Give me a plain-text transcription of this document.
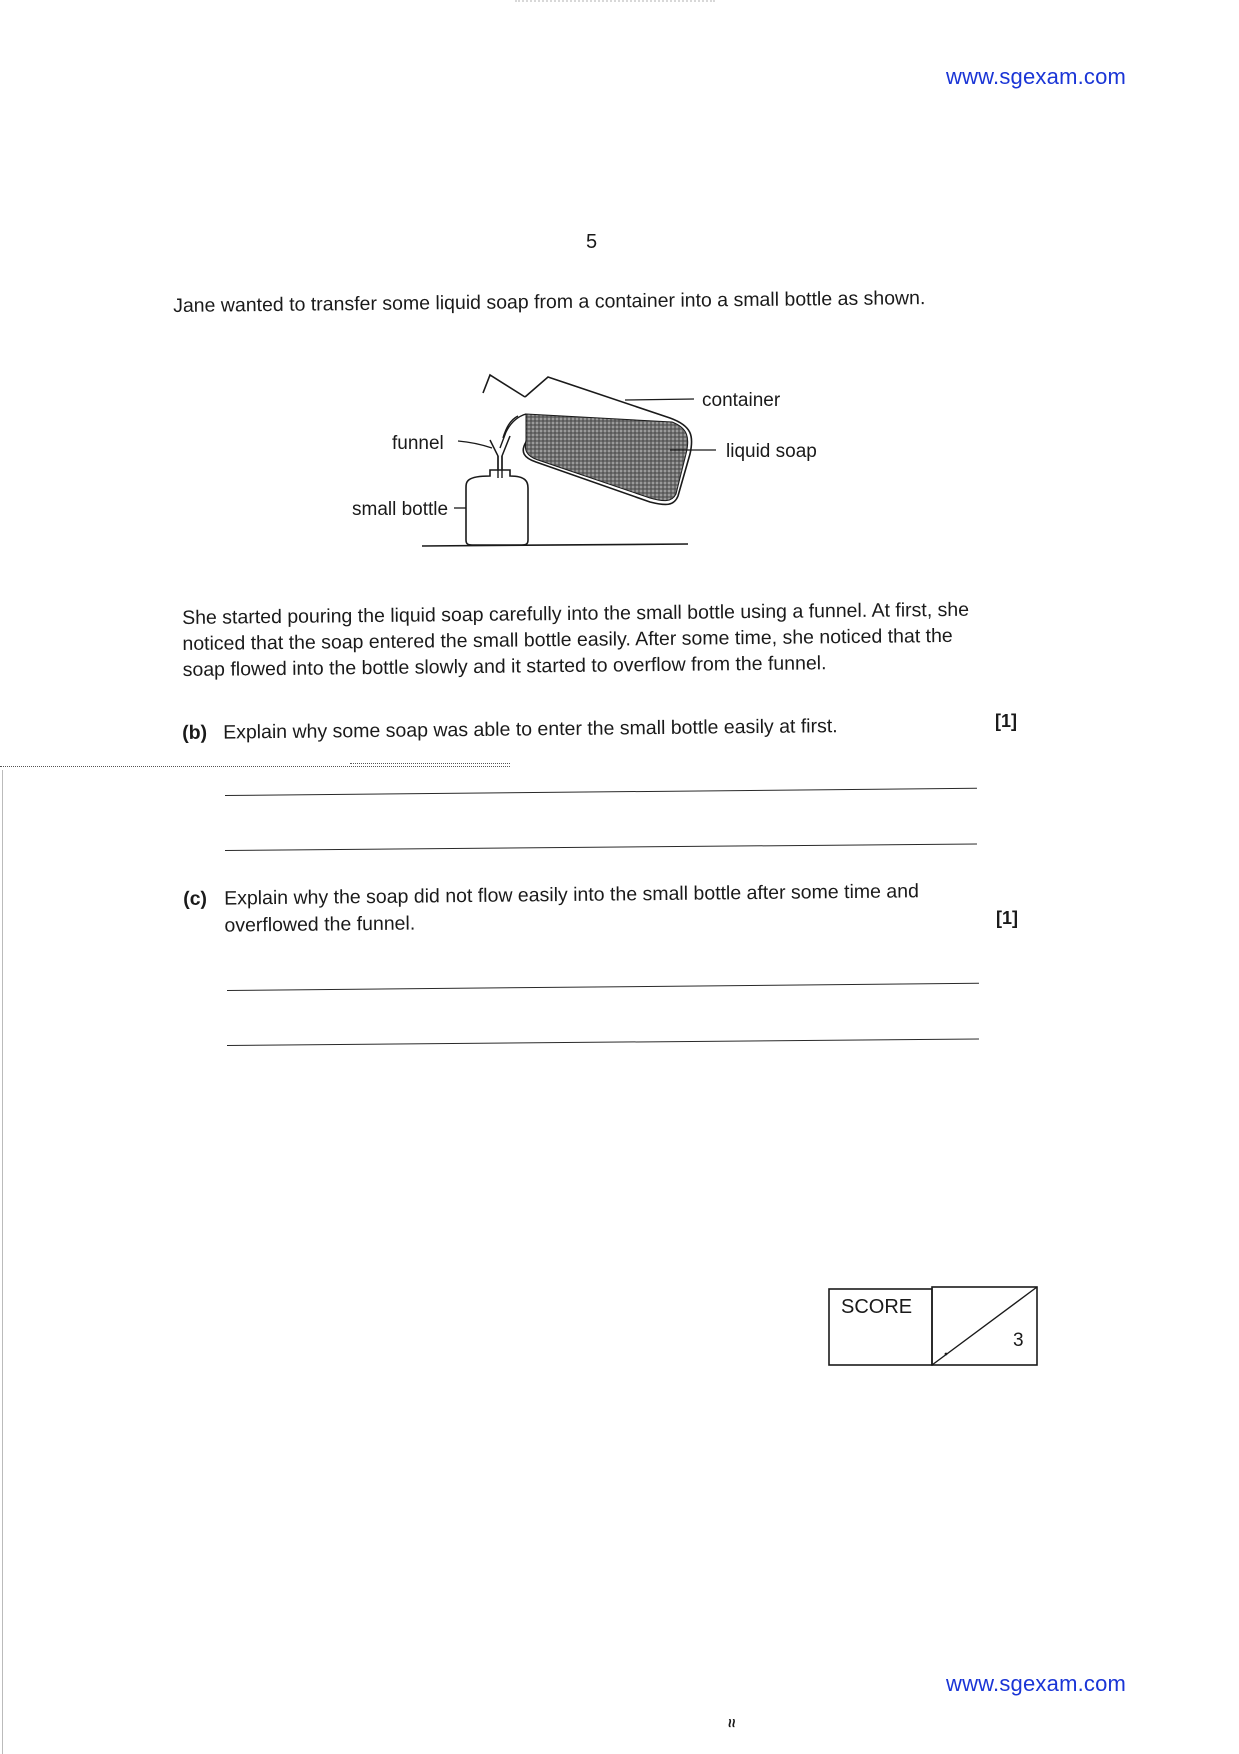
www.sgexam.com
5

Jane wanted to transfer some liquid soap from a container into a small bottle as shown.

container
liquid soap
funnel
small bottle

She started pouring the liquid soap carefully into the small bottle using a funnel. At first, she noticed that the soap entered the small bottle easily. After some time, she noticed that the soap flowed into the bottle slowly and it started to overflow from the funnel.

(b) Explain why some soap was able to enter the small bottle easily at first.	[1]
(c) Explain why the soap did not flow easily into the small bottle after some time and overflowed the funnel.	[1]
SCORE
3
www.sgexam.com
≈
